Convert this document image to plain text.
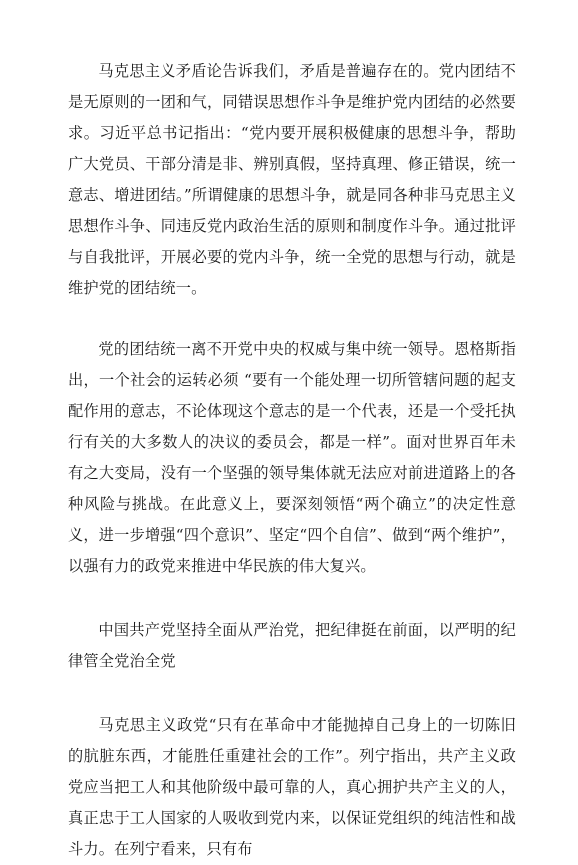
马克思主义矛盾论告诉我们，矛盾是普遍存在的。党内团结不是无原则的一团和气，同错误思想作斗争是维护党内团结的必然要求。习近平总书记指出：“党内要开展积极健康的思想斗争，帮助广大党员、干部分清是非、辨别真假，坚持真理、修正错误，统一意志、增进团结。”所谓健康的思想斗争，就是同各种非马克思主义思想作斗争、同违反党内政治生活的原则和制度作斗争。通过批评与自我批评，开展必要的党内斗争，统一全党的思想与行动，就是维护党的团结统一。

党的团结统一离不开党中央的权威与集中统一领导。恩格斯指出，一个社会的运转必须 “要有一个能处理一切所管辖问题的起支配作用的意志，不论体现这个意志的是一个代表，还是一个受托执行有关的大多数人的决议的委员会，都是一样”。面对世界百年未有之大变局，没有一个坚强的领导集体就无法应对前进道路上的各种风险与挑战。在此意义上，要深刻领悟“两个确立”的决定性意义，进一步增强“四个意识”、坚定“四个自信”、做到“两个维护”，以强有力的政党来推进中华民族的伟大复兴。

中国共产党坚持全面从严治党，把纪律挺在前面，以严明的纪律管全党治全党

马克思主义政党“只有在革命中才能抛掉自己身上的一切陈旧的肮脏东西，才能胜任重建社会的工作”。列宁指出，共产主义政党应当把工人和其他阶级中最可靠的人，真心拥护共产主义的人，真正忠于工人国家的人吸收到党内来，以保证党组织的纯洁性和战斗力。在列宁看来，只有布
